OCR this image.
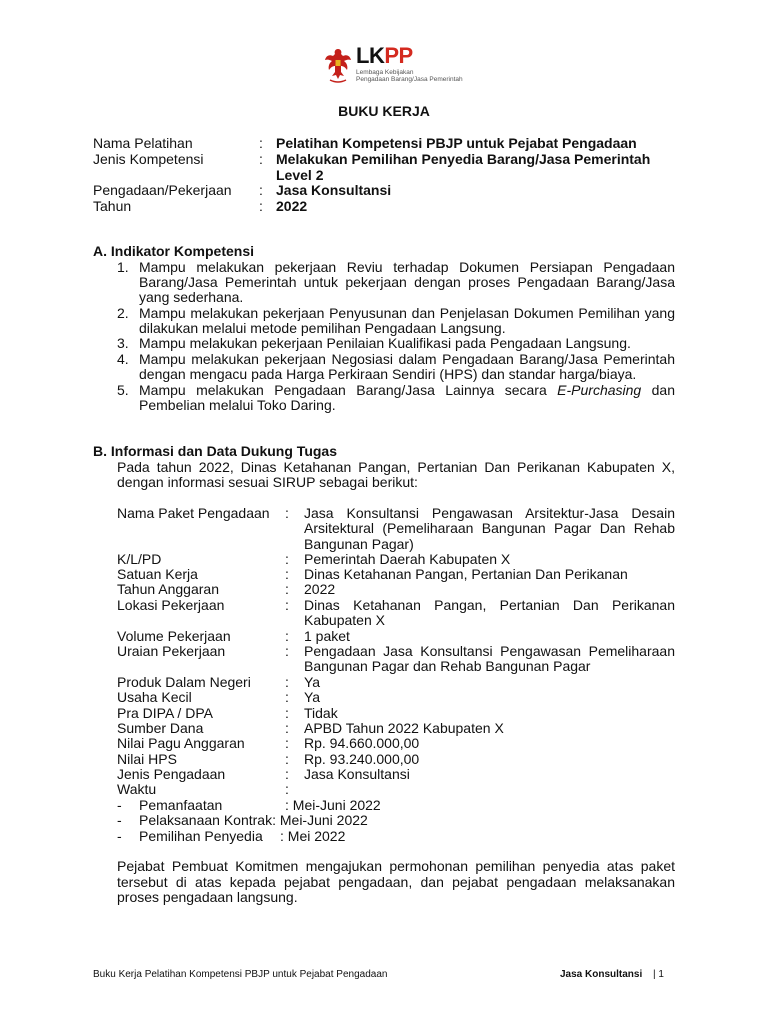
LKPP
Lembaga Kebijakan
Pengadaan Barang/Jasa Pemerintah
BUKU KERJA
Nama Pelatihan	: Pelatihan Kompetensi PBJP untuk Pejabat Pengadaan
Jenis Kompetensi	: Melakukan Pemilihan Penyedia Barang/Jasa Pemerintah
Level 2
Pengadaan/Pekerjaan : Jasa Konsultansi
Tahun	: 2022
A. Indikator Kompetensi
1. Mampu melakukan pekerjaan Reviu terhadap Dokumen Persiapan Pengadaan
Barang/Jasa Pemerintah untuk pekerjaan dengan proses Pengadaan Barang/Jasa
yang sederhana.
2. Mampu melakukan pekerjaan Penyusunan dan Penjelasan Dokumen Pemilihan yang
dilakukan melalui metode pemilihan Pengadaan Langsung.
3. Mampu melakukan pekerjaan Penilaian Kualifikasi pada Pengadaan Langsung.
4. Mampu melakukan pekerjaan Negosiasi dalam Pengadaan Barang/Jasa Pemerintah
dengan mengacu pada Harga Perkiraan Sendiri (HPS) dan standar harga/biaya.
5. Mampu melakukan Pengadaan Barang/Jasa Lainnya secara E-Purchasing dan
Pembelian melalui Toko Daring.
B. Informasi dan Data Dukung Tugas
Pada tahun 2022, Dinas Ketahanan Pangan, Pertanian Dan Perikanan Kabupaten X,
dengan informasi sesuai SIRUP sebagai berikut:
Nama Paket Pengadaan : Jasa Konsultansi Pengawasan Arsitektur-Jasa Desain
Arsitektural (Pemeliharaan Bangunan Pagar Dan Rehab
Bangunan Pagar)
K/L/PD	: Pemerintah Daerah Kabupaten X
Satuan Kerja	: Dinas Ketahanan Pangan, Pertanian Dan Perikanan
Tahun Anggaran	: 2022
Lokasi Pekerjaan	: Dinas Ketahanan Pangan, Pertanian Dan Perikanan
Kabupaten X
Volume Pekerjaan	: 1 paket
Uraian Pekerjaan	: Pengadaan Jasa Konsultansi Pengawasan Pemeliharaan
Bangunan Pagar dan Rehab Bangunan Pagar
Produk Dalam Negeri : Ya
Usaha Kecil	: Ya
Pra DIPA / DPA	: Tidak
Sumber Dana	: APBD Tahun 2022 Kabupaten X
Nilai Pagu Anggaran	: Rp. 94.660.000,00
Nilai HPS	: Rp. 93.240.000,00
Jenis Pengadaan	: Jasa Konsultansi
Waktu	:
- Pemanfaatan	: Mei-Juni 2022
- Pelaksanaan Kontrak: Mei-Juni 2022
- Pemilihan Penyedia : Mei 2022
Pejabat Pembuat Komitmen mengajukan permohonan pemilihan penyedia atas paket
tersebut di atas kepada pejabat pengadaan, dan pejabat pengadaan melaksanakan
proses pengadaan langsung.
Buku Kerja Pelatihan Kompetensi PBJP untuk Pejabat Pengadaan	Jasa Konsultansi | 1
